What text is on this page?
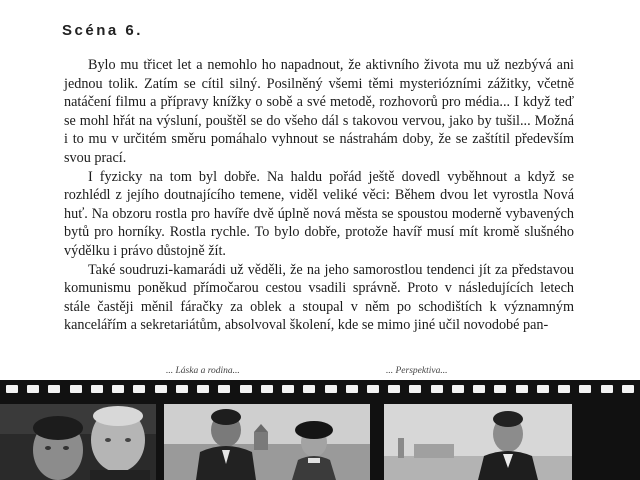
Scéna 6.

Bylo mu třicet let a nemohlo ho napadnout, že aktivního života mu už nezbývá ani jednou tolik. Zatím se cítil silný. Posilněný všemi těmi mysteriózními zážitky, včetně natáčení filmu a přípravy knížky o sobě a své metodě, rozhovorů pro média... I když teď se mohl hřát na výsluní, pouštěl se do všeho dál s takovou vervou, jako by tušil... Možná i to mu v určitém směru pomáhalo vyhnout se nástrahám doby, že se zaštítil především svou prací.

I fyzicky na tom byl dobře. Na haldu pořád ještě dovedl vyběhnout a když se rozhlédl z jejího doutnajícího temene, viděl veliké věci: Během dvou let vyrostla Nová huť. Na obzoru rostla pro havíře dvě úplně nová města se spoustou moderně vybavených bytů pro horníky. Rostla rychle. To bylo dobře, protože havíř musí mít kromě slušného výdělku i právo důstojně žít.

Také soudruzi-kamarádi už věděli, že na jeho samorostlou tendenci jít za představou komunismu poněkud přímočarou cestou vsadili správně. Proto v následujících letech stále častěji měnil fáračky za oblek a stoupal v něm po schodištích k významným kancelářím a sekretariátům, absolvoval školení, kde se mimo jiné učil novodobé pan-

... Láska a rodina...	... Perspektiva...
